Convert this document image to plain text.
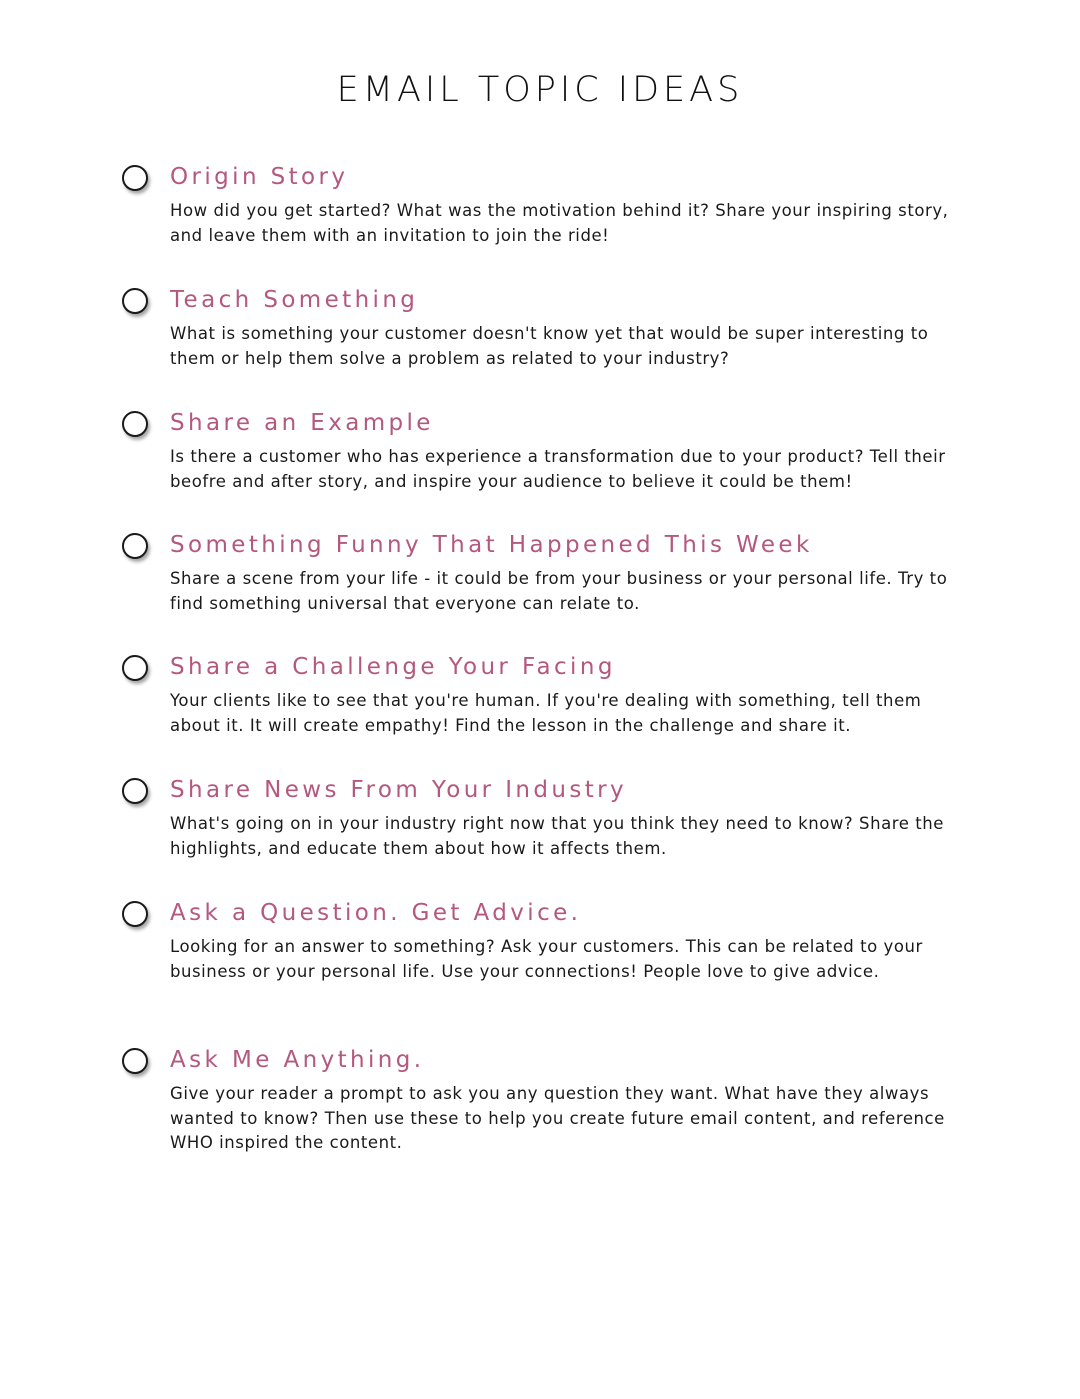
EMAIL TOPIC IDEAS
Origin Story

How did you get started? What was the motivation behind it? Share your inspiring story, and leave them with an invitation to join the ride!

Teach Something

What is something your customer doesn't know yet that would be super interesting to them or help them solve a problem as related to your industry?

Share an Example

Is there a customer who has experience a transformation due to your product? Tell their beofre and after story, and inspire your audience to believe it could be them!

Something Funny That Happened This Week

Share a scene from your life - it could be from your business or your personal life. Try to find something universal that everyone can relate to.

Share a Challenge Your Facing

Your clients like to see that you're human. If you're dealing with something, tell them about it. It will create empathy! Find the lesson in the challenge and share it.

Share News From Your Industry

What's going on in your industry right now that you think they need to know? Share the highlights, and educate them about how it affects them.

Ask a Question. Get Advice.

Looking for an answer to something? Ask your customers. This can be related to your business or your personal life. Use your connections! People love to give advice.

Ask Me Anything.

Give your reader a prompt to ask you any question they want. What have they always wanted to know? Then use these to help you create future email content, and reference WHO inspired the content.
